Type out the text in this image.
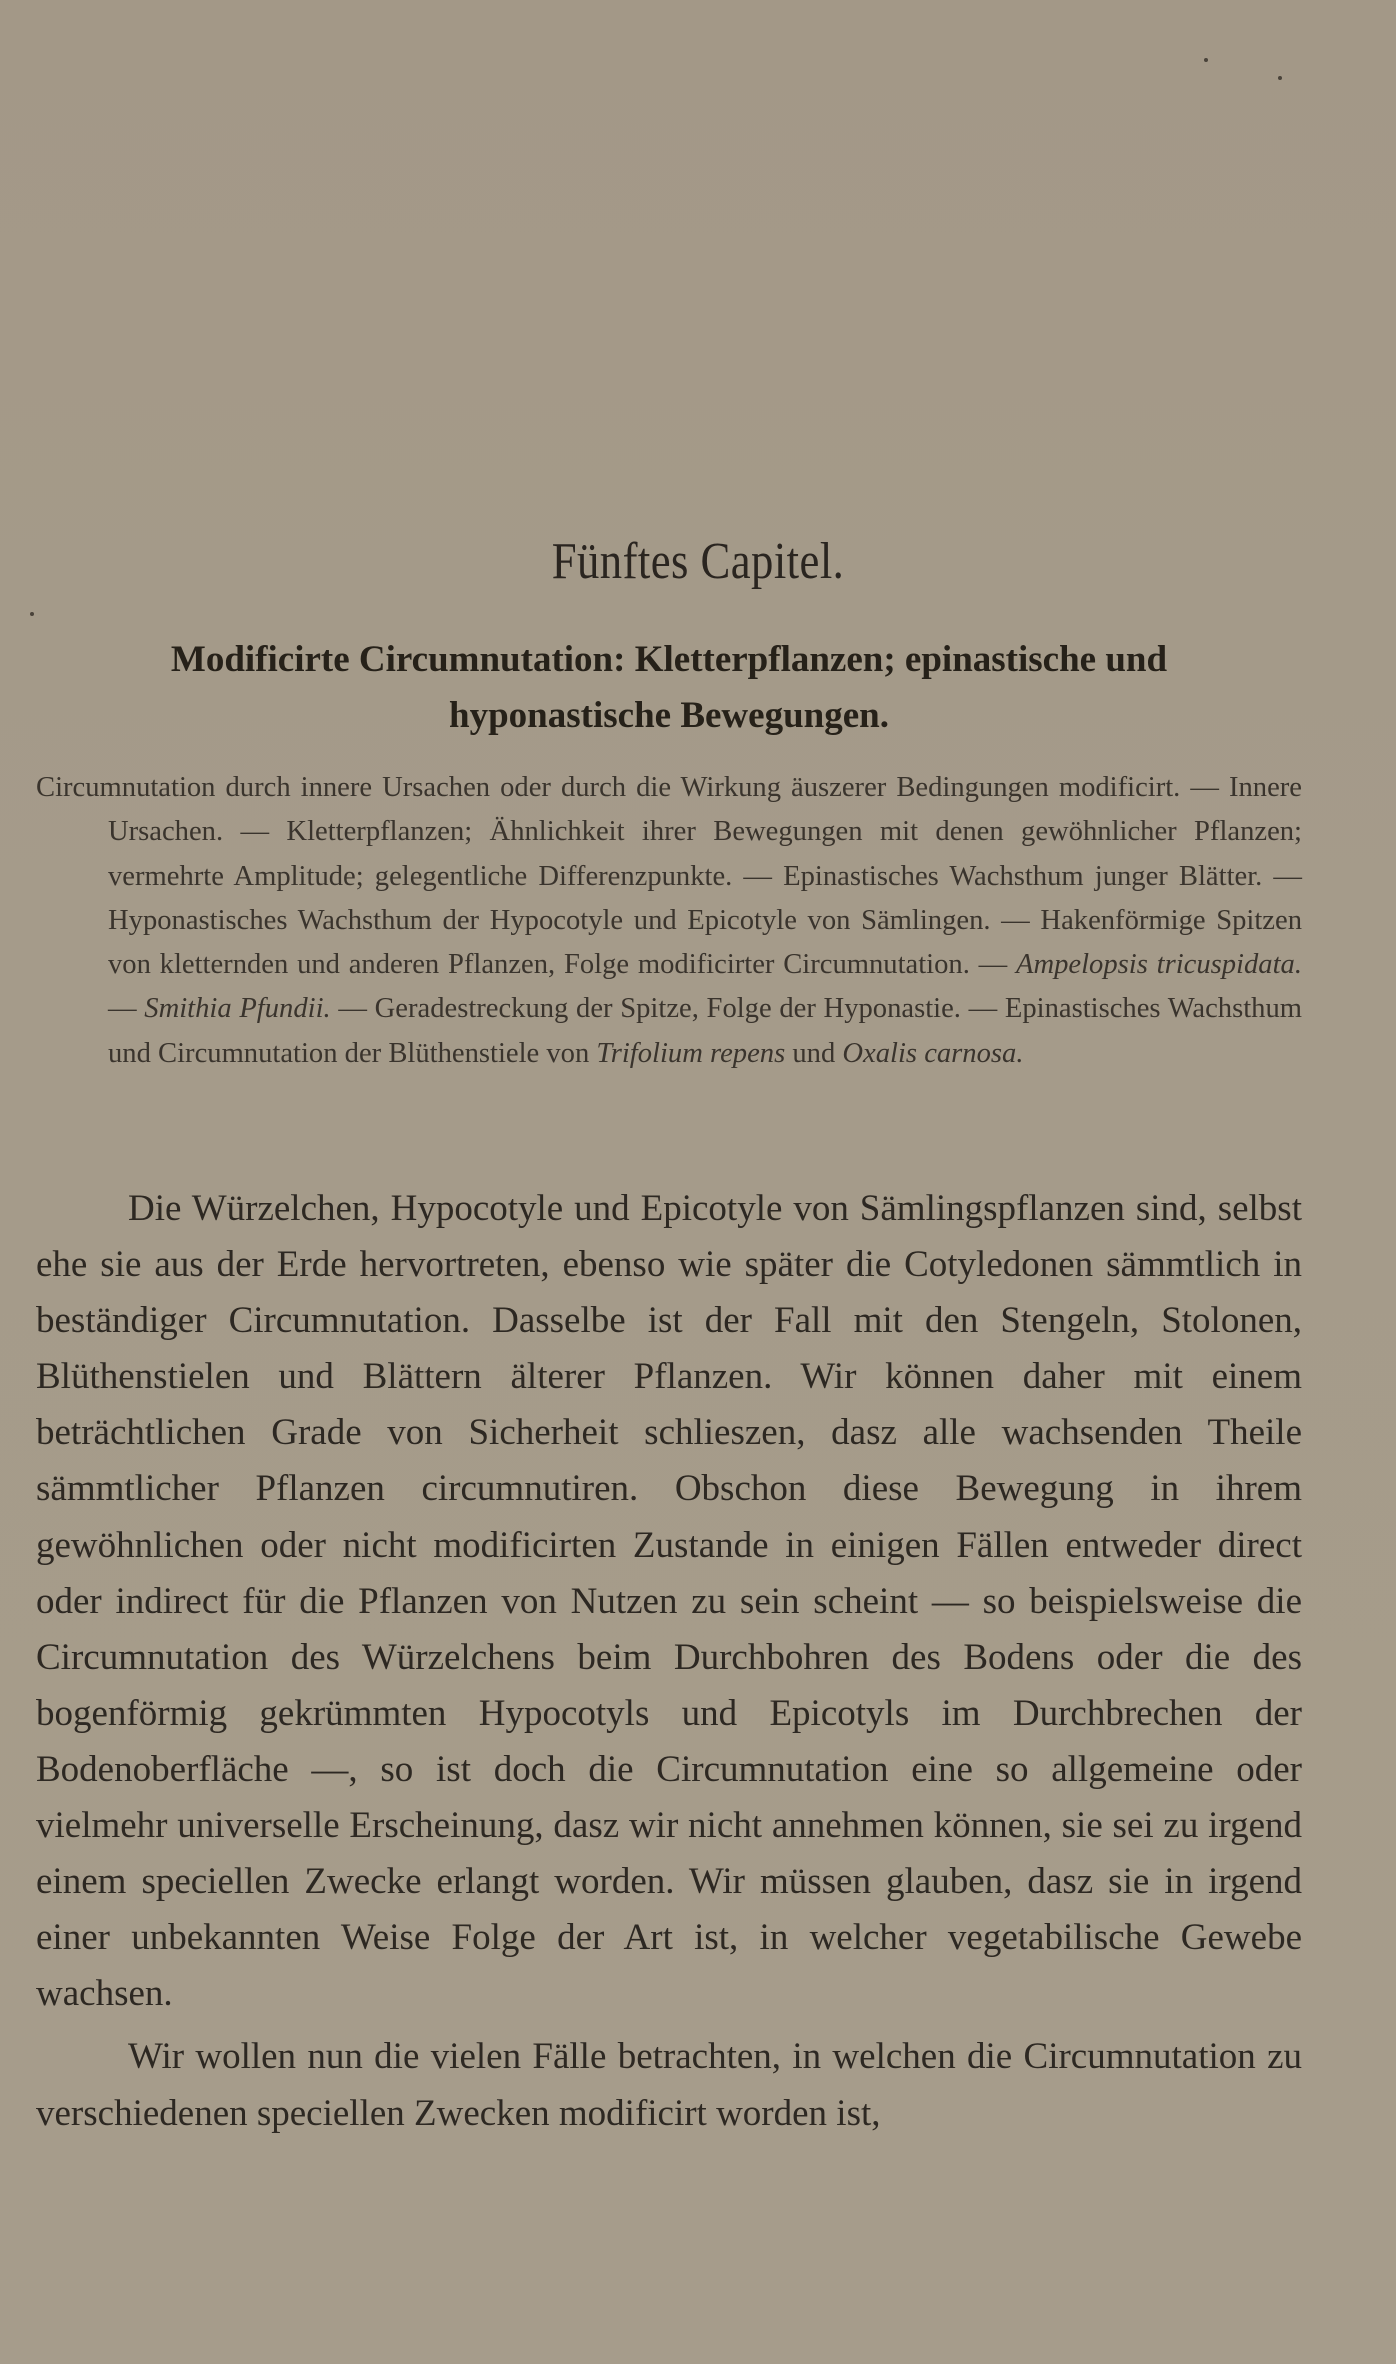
Fünftes Capitel.
Modificirte Circumnutation: Kletterpflanzen; epinastische und
hyponastische Bewegungen.

Circumnutation durch innere Ursachen oder durch die Wirkung äuszerer Bedingungen modificirt. — Innere Ursachen. — Kletterpflanzen; Ähnlichkeit ihrer Bewegungen mit denen gewöhnlicher Pflanzen; vermehrte Amplitude; gelegentliche Differenzpunkte. — Epinastisches Wachsthum junger Blätter. — Hyponastisches Wachsthum der Hypocotyle und Epicotyle von Sämlingen. — Hakenförmige Spitzen von kletternden und anderen Pflanzen, Folge modificirter Circumnutation. — Ampelopsis tricuspidata. — Smithia Pfundii. — Geradestreckung der Spitze, Folge der Hyponastie. — Epinastisches Wachsthum und Circumnutation der Blüthenstiele von Trifolium repens und Oxalis carnosa.

Die Würzelchen, Hypocotyle und Epicotyle von Sämlingspflanzen sind, selbst ehe sie aus der Erde hervortreten, ebenso wie später die Cotyledonen sämmtlich in beständiger Circumnutation. Dasselbe ist der Fall mit den Stengeln, Stolonen, Blüthenstielen und Blättern älterer Pflanzen. Wir können daher mit einem beträchtlichen Grade von Sicherheit schlieszen, dasz alle wachsenden Theile sämmtlicher Pflanzen circumnutiren. Obschon diese Bewegung in ihrem gewöhnlichen oder nicht modificirten Zustande in einigen Fällen entweder direct oder indirect für die Pflanzen von Nutzen zu sein scheint — so beispielsweise die Circumnutation des Würzelchens beim Durchbohren des Bodens oder die des bogenförmig gekrümmten Hypocotyls und Epicotyls im Durchbrechen der Bodenoberfläche —, so ist doch die Circumnutation eine so allgemeine oder vielmehr universelle Erscheinung, dasz wir nicht annehmen können, sie sei zu irgend einem speciellen Zwecke erlangt worden. Wir müssen glauben, dasz sie in irgend einer unbekannten Weise Folge der Art ist, in welcher vegetabilische Gewebe wachsen.

Wir wollen nun die vielen Fälle betrachten, in welchen die Circumnutation zu verschiedenen speciellen Zwecken modificirt worden ist,
